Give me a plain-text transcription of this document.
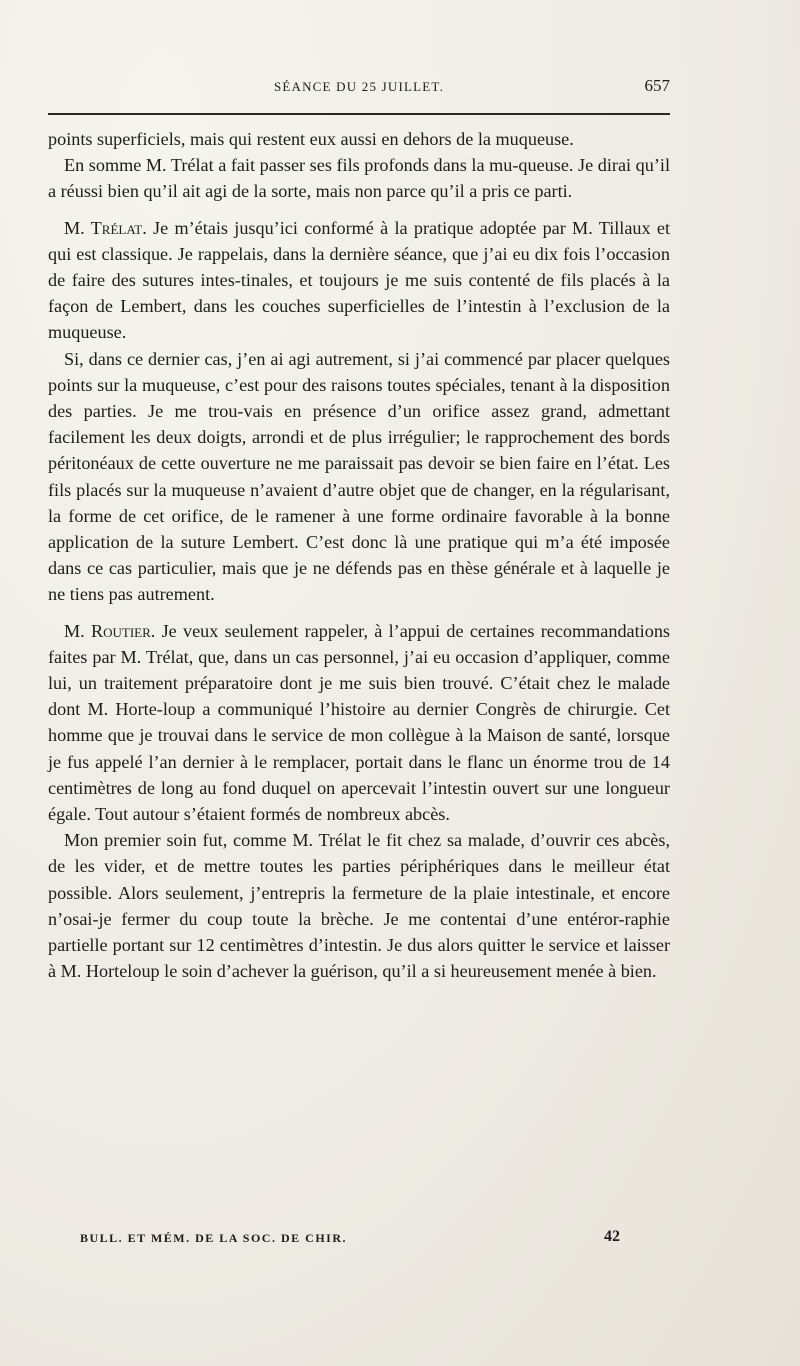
SÉANCE DU 25 JUILLET.	657

points superficiels, mais qui restent eux aussi en dehors de la muqueuse.

En somme M. Trélat a fait passer ses fils profonds dans la mu-queuse. Je dirai qu’il a réussi bien qu’il ait agi de la sorte, mais non parce qu’il a pris ce parti.

M. Trélat. Je m’étais jusqu’ici conformé à la pratique adoptée par M. Tillaux et qui est classique. Je rappelais, dans la dernière séance, que j’ai eu dix fois l’occasion de faire des sutures intes-tinales, et toujours je me suis contenté de fils placés à la façon de Lembert, dans les couches superficielles de l’intestin à l’exclusion de la muqueuse.

Si, dans ce dernier cas, j’en ai agi autrement, si j’ai commencé par placer quelques points sur la muqueuse, c’est pour des raisons toutes spéciales, tenant à la disposition des parties. Je me trou-vais en présence d’un orifice assez grand, admettant facilement les deux doigts, arrondi et de plus irrégulier; le rapprochement des bords péritonéaux de cette ouverture ne me paraissait pas devoir se bien faire en l’état. Les fils placés sur la muqueuse n’avaient d’autre objet que de changer, en la régularisant, la forme de cet orifice, de le ramener à une forme ordinaire favorable à la bonne application de la suture Lembert. C’est donc là une pratique qui m’a été imposée dans ce cas particulier, mais que je ne défends pas en thèse générale et à laquelle je ne tiens pas autrement.

M. Routier. Je veux seulement rappeler, à l’appui de certaines recommandations faites par M. Trélat, que, dans un cas personnel, j’ai eu occasion d’appliquer, comme lui, un traitement préparatoire dont je me suis bien trouvé. C’était chez le malade dont M. Horte-loup a communiqué l’histoire au dernier Congrès de chirurgie. Cet homme que je trouvai dans le service de mon collègue à la Maison de santé, lorsque je fus appelé l’an dernier à le remplacer, portait dans le flanc un énorme trou de 14 centimètres de long au fond duquel on apercevait l’intestin ouvert sur une longueur égale. Tout autour s’étaient formés de nombreux abcès.

Mon premier soin fut, comme M. Trélat le fit chez sa malade, d’ouvrir ces abcès, de les vider, et de mettre toutes les parties périphériques dans le meilleur état possible. Alors seulement, j’entrepris la fermeture de la plaie intestinale, et encore n’osai-je fermer du coup toute la brèche. Je me contentai d’une entéror-raphie partielle portant sur 12 centimètres d’intestin. Je dus alors quitter le service et laisser à M. Horteloup le soin d’achever la guérison, qu’il a si heureusement menée à bien.

BULL. ET MÉM. DE LA SOC. DE CHIR.	42
